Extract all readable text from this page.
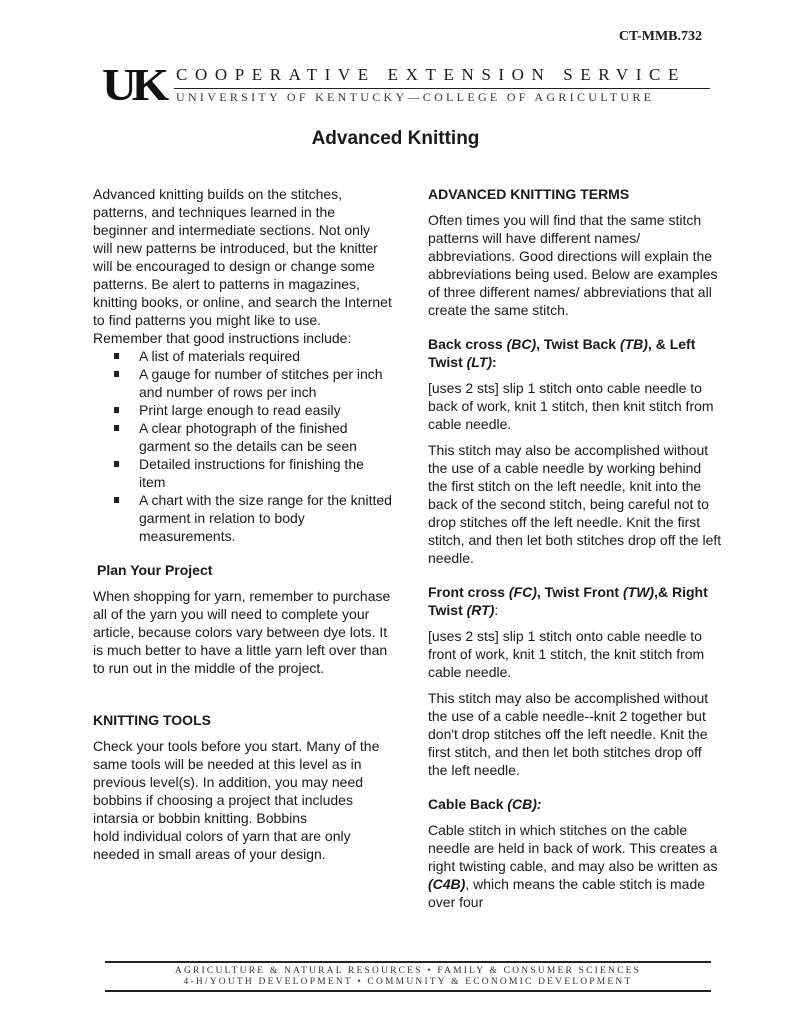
CT-MMB.732
UK COOPERATIVE EXTENSION SERVICE
UNIVERSITY OF KENTUCKY—COLLEGE OF AGRICULTURE
Advanced Knitting

Advanced knitting builds on the stitches, patterns, and techniques learned in the beginner and intermediate sections. Not only will new patterns be introduced, but the knitter will be encouraged to design or change some patterns. Be alert to patterns in magazines, knitting books, or online, and search the Internet to find patterns you might like to use. Remember that good instructions include:

A list of materials required
A gauge for number of stitches per inch and number of rows per inch
Print large enough to read easily
A clear photograph of the finished garment so the details can be seen
Detailed instructions for finishing the item
A chart with the size range for the knitted garment in relation to body measurements.
Plan Your Project

When shopping for yarn, remember to purchase all of the yarn you will need to complete your article, because colors vary between dye lots. It is much better to have a little yarn left over than to run out in the middle of the project.

KNITTING TOOLS

Check your tools before you start. Many of the same tools will be needed at this level as in previous level(s). In addition, you may need bobbins if choosing a project that includes intarsia or bobbin knitting. Bobbins

hold individual colors of yarn that are only needed in small areas of your design.

ADVANCED KNITTING TERMS

Often times you will find that the same stitch patterns will have different names/ abbreviations. Good directions will explain the abbreviations being used. Below are examples of three different names/ abbreviations that all create the same stitch.

Back cross (BC), Twist Back (TB), & Left Twist (LT):

[uses 2 sts] slip 1 stitch onto cable needle to back of work, knit 1 stitch, then knit stitch from cable needle.

This stitch may also be accomplished without the use of a cable needle by working behind the first stitch on the left needle, knit into the back of the second stitch, being careful not to drop stitches off the left needle. Knit the first stitch, and then let both stitches drop off the left needle.

Front cross (FC), Twist Front (TW),& Right Twist (RT):

[uses 2 sts] slip 1 stitch onto cable needle to front of work, knit 1 stitch, the knit stitch from cable needle.

This stitch may also be accomplished without the use of a cable needle--knit 2 together but don't drop stitches off the left needle. Knit the first stitch, and then let both stitches drop off the left needle.

Cable Back (CB):

Cable stitch in which stitches on the cable needle are held in back of work. This creates a right twisting cable, and may also be written as (C4B), which means the cable stitch is made over four

AGRICULTURE & NATURAL RESOURCES • FAMILY & CONSUMER SCIENCES
4-H/YOUTH DEVELOPMENT • COMMUNITY & ECONOMIC DEVELOPMENT
